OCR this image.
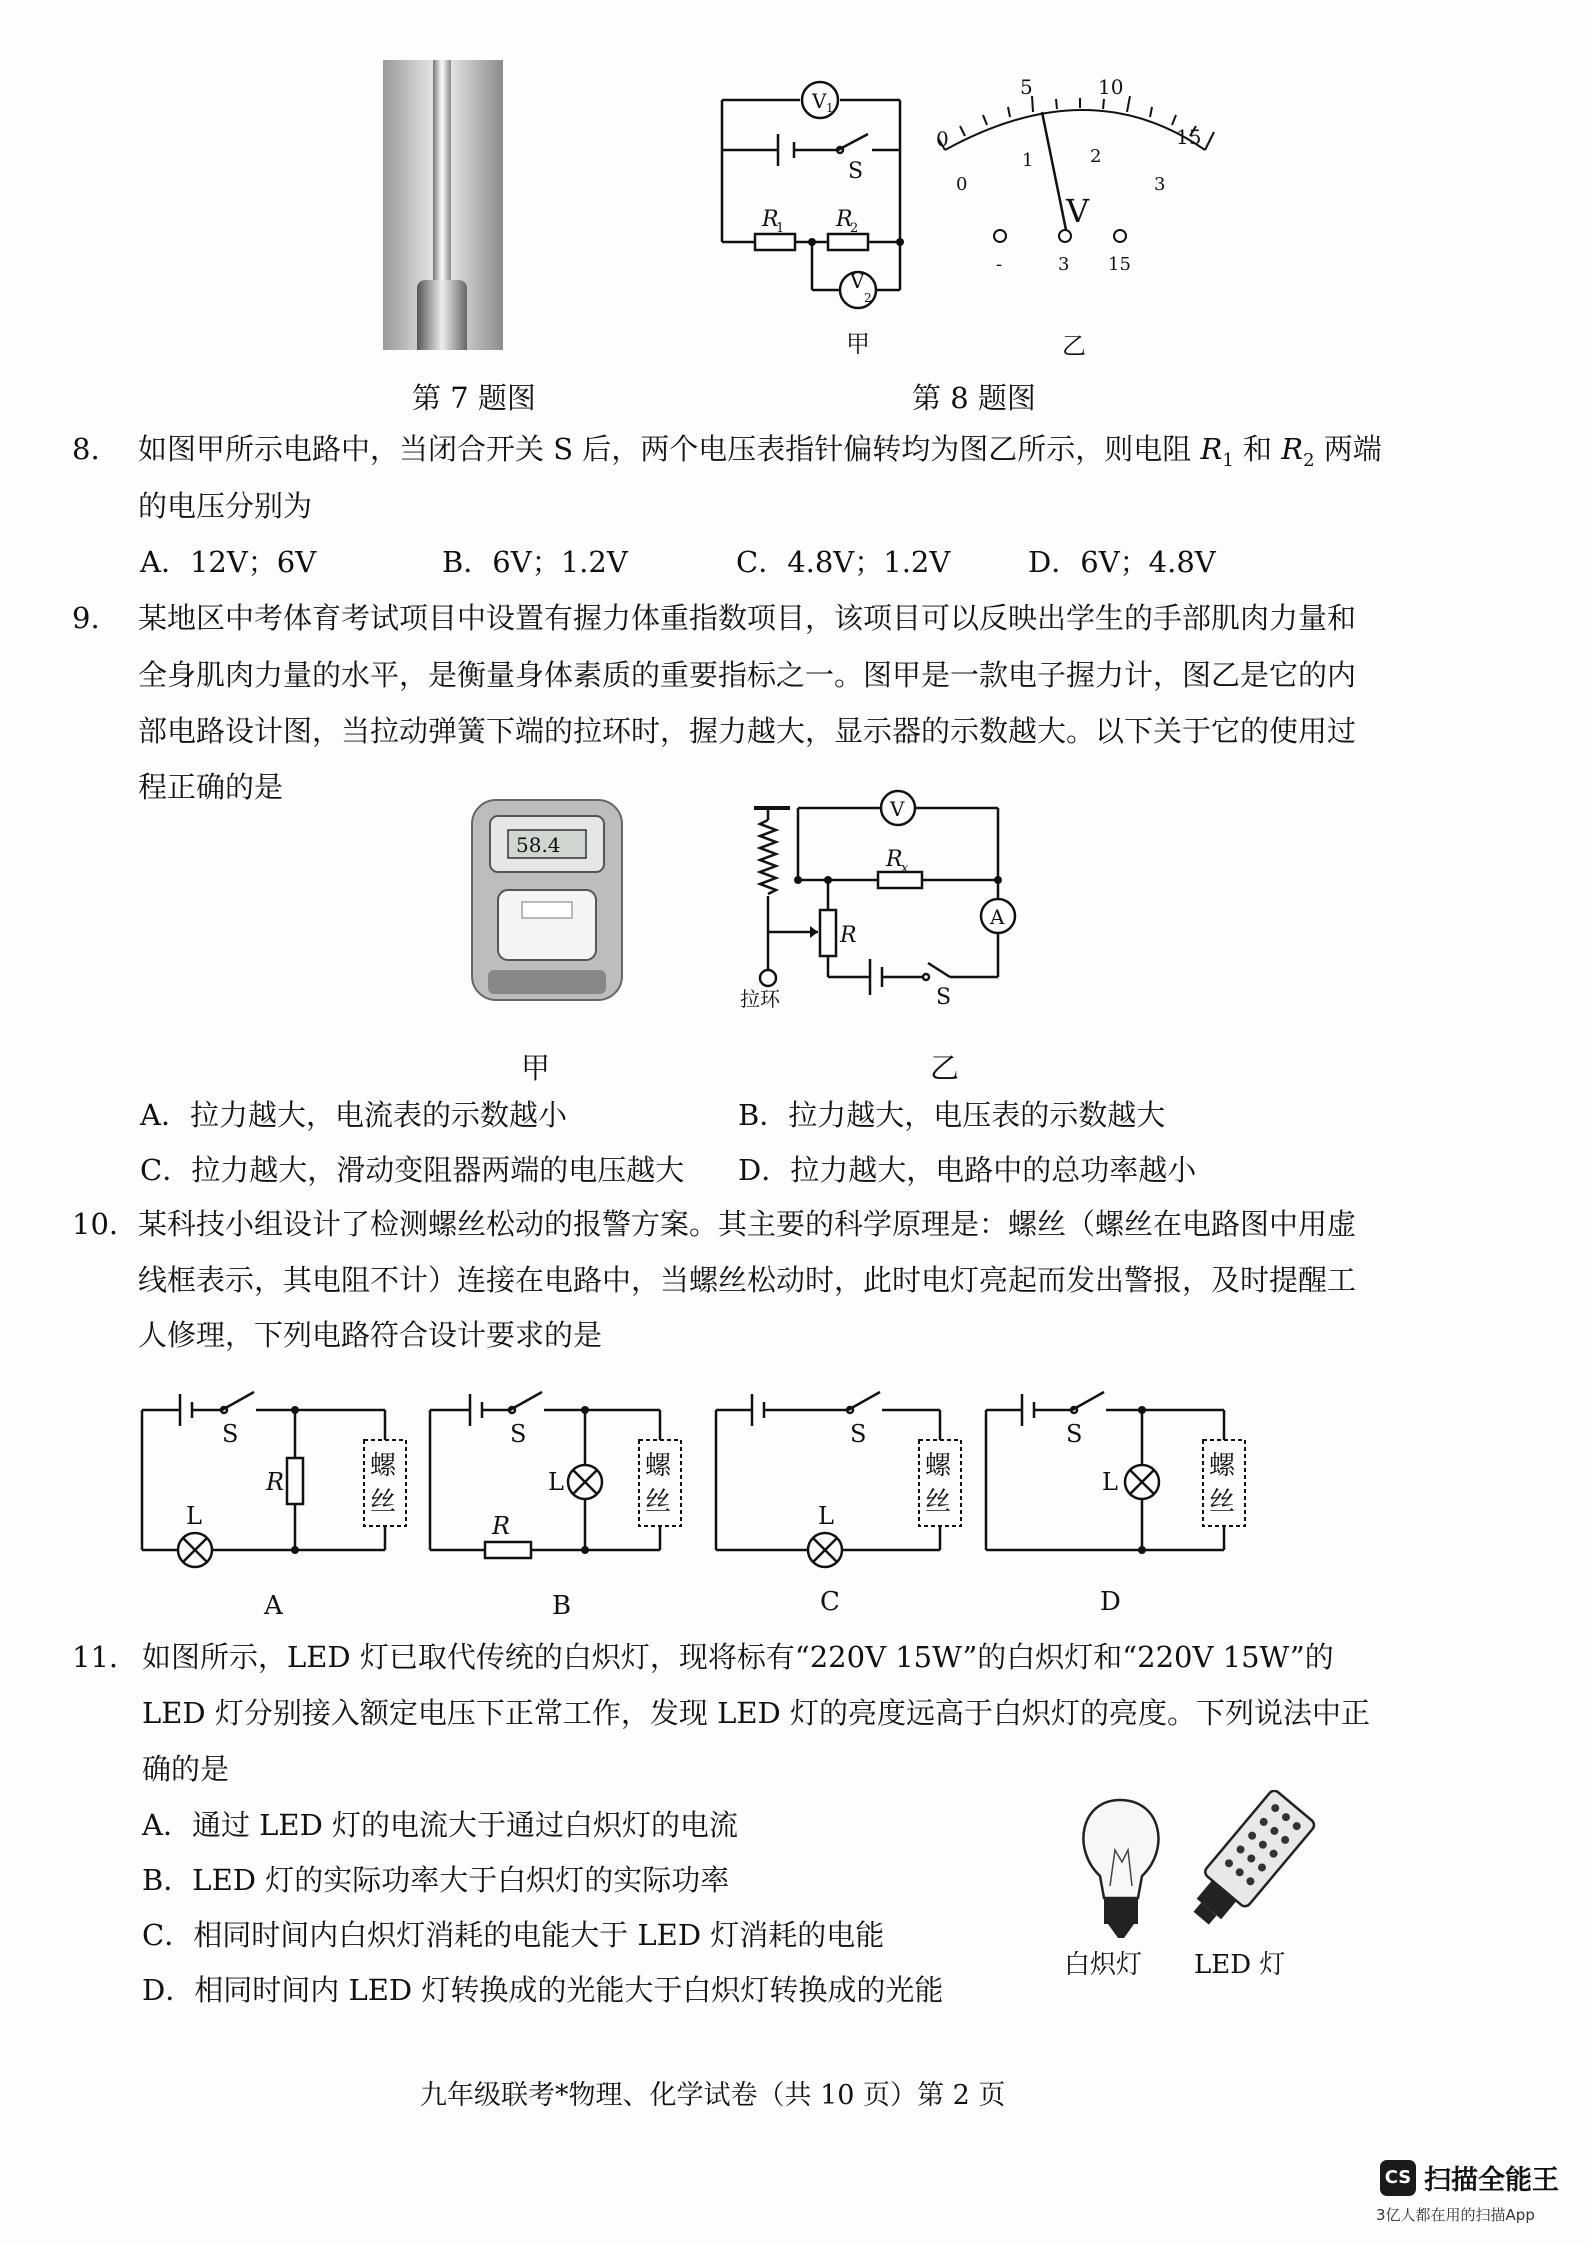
第 7 题图
V 1
V
2
S
R
1 R
2
甲
0
5	10
15
0
1	2
3
V
-	3 15
乙
第 8 题图
8. 如图甲所示电路中，当闭合开关 S 后，两个电压表指针偏转均为图乙所示，则电阻 $R_1$ 和 $R_2$ 两端
的电压分别为
A．12V；6V	B．6V；1.2V	C．4.8V；1.2V	D．6V；4.8V
9. 某地区中考体育考试项目中设置有握力体重指数项目，该项目可以反映出学生的手部肌肉力量和
全身肌肉力量的水平，是衡量身体素质的重要指标之一。图甲是一款电子握力计，图乙是它的内
部电路设计图，当拉动弹簧下端的拉环时，握力越大，显示器的示数越大。以下关于它的使用过
程正确的是
58.4
甲
V
A
R
x
R
S
拉环
乙
A．拉力越大，电流表的示数越小	B．拉力越大，电压表的示数越大
C．拉力越大，滑动变阻器两端的电压越大 D．拉力越大，电路中的总功率越小
10. 某科技小组设计了检测螺丝松动的报警方案。其主要的科学原理是：螺丝（螺丝在电路图中用虚
线框表示，其电阻不计）连接在电路中，当螺丝松动时，此时电灯亮起而发出警报，及时提醒工
人修理，下列电路符合设计要求的是
S
R
L
螺
丝
A
S
R
L
螺
丝
B
S
L
螺
丝
C
S
L
螺
丝
D
11. 如图所示，LED 灯已取代传统的白炽灯，现将标有“220V 15W”的白炽灯和“220V 15W”的
LED 灯分别接入额定电压下正常工作，发现 LED 灯的亮度远高于白炽灯的亮度。下列说法中正
确的是
A．通过 LED 灯的电流大于通过白炽灯的电流
B．LED 灯的实际功率大于白炽灯的实际功率
C．相同时间内白炽灯消耗的电能大于 LED 灯消耗的电能
D．相同时间内 LED 灯转换成的光能大于白炽灯转换成的光能
白炽灯 LED 灯
九年级联考*物理、化学试卷（共 10 页）第 2 页
CS 扫描全能王
3亿人都在用的扫描App
